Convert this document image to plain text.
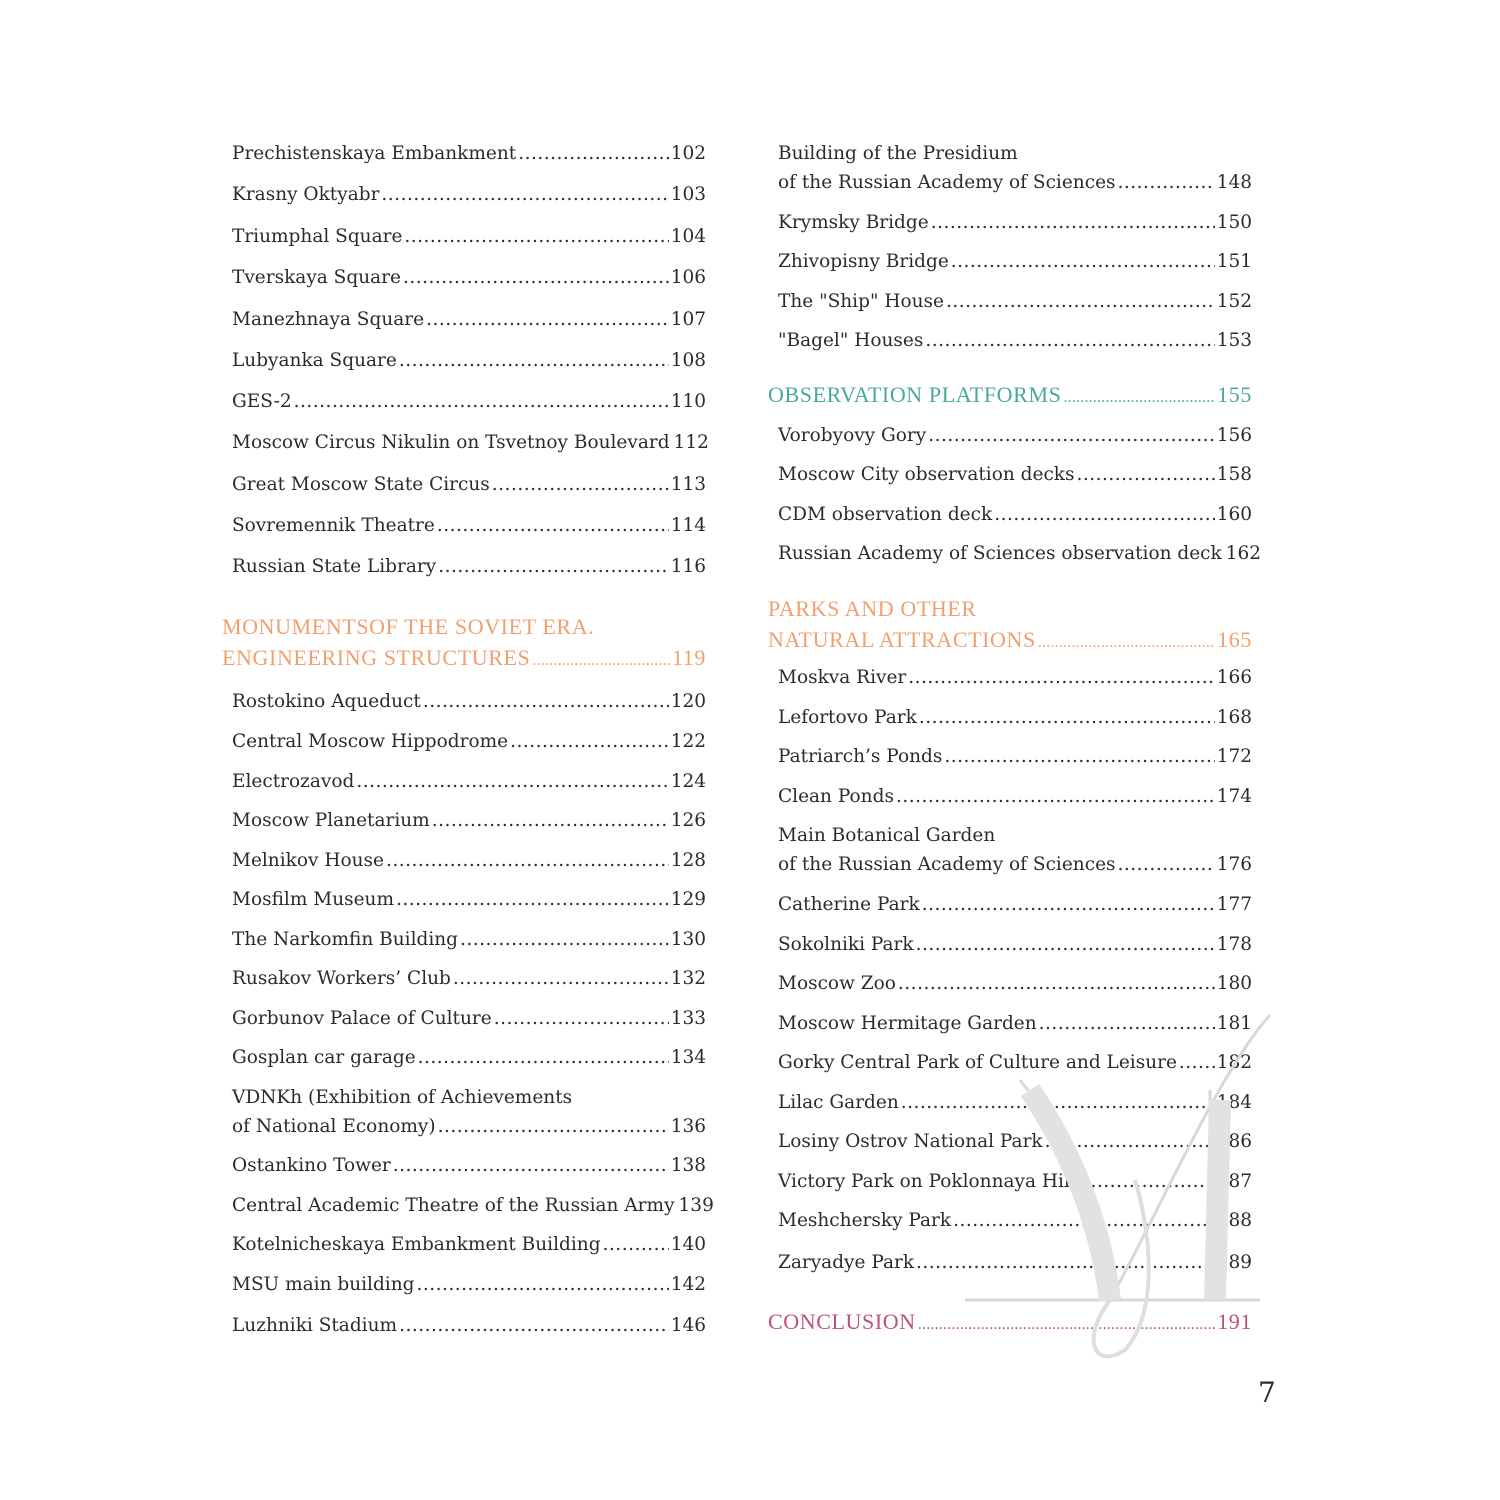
Prechistenskaya Embankment .....	102
Krasny Oktyabr .....	103
Triumphal Square .....	104
Tverskaya Square .....	106
Manezhnaya Square .....	107
Lubyanka Square .....	108
GES-2 .....	110
Moscow Circus Nikulin on Tsvetnoy Boulevard 112
Great Moscow State Circus .....	113
Sovremennik Theatre .....	114
Russian State Library .....	116
MONUMENTSOF THE SOVIET ERA.
ENGINEERING STRUCTURES .....	119
Rostokino Aqueduct .....	120
Central Moscow Hippodrome .....	122
Electrozavod .....	124
Moscow Planetarium .....	126
Melnikov House .....	128
Mosfilm Museum .....	129
The Narkomfin Building .....	130
Rusakov Workers’ Club .....	132
Gorbunov Palace of Culture .....	133
Gosplan car garage .....	134
VDNKh (Exhibition of Achievements
of National Economy) .....	136
Ostankino Tower .....	138
Central Academic Theatre of the Russian Army 139
Kotelnicheskaya Embankment Building .....	140
MSU main building .....	142
Luzhniki Stadium .....	146
Building of the Presidium
of the Russian Academy of Sciences .....	148
Krymsky Bridge .....	150
Zhivopisny Bridge .....	151
The "Ship" House .....	152
"Bagel" Houses .....	153
OBSERVATION PLATFORMS .....	155
Vorobyovy Gory .....	156
Moscow City observation decks .....	158
CDM observation deck .....	160
Russian Academy of Sciences observation deck 162
PARKS AND OTHER
NATURAL ATTRACTIONS .....	165
Moskva River .....	166
Lefortovo Park .....	168
Patriarch’s Ponds .....	172
Clean Ponds .....	174
Main Botanical Garden
of the Russian Academy of Sciences .....	176
Catherine Park .....	177
Sokolniki Park .....	178
Moscow Zoo .....	180
Moscow Hermitage Garden .....	181
Gorky Central Park of Culture and Leisure ..... 182
Lilac Garden .....	184
Losiny Ostrov National Park .....	186
Victory Park on Poklonnaya Hill .....	187
Meshchersky Park .....	188
Zaryadye Park .....	189
CONCLUSION .....	191
7
